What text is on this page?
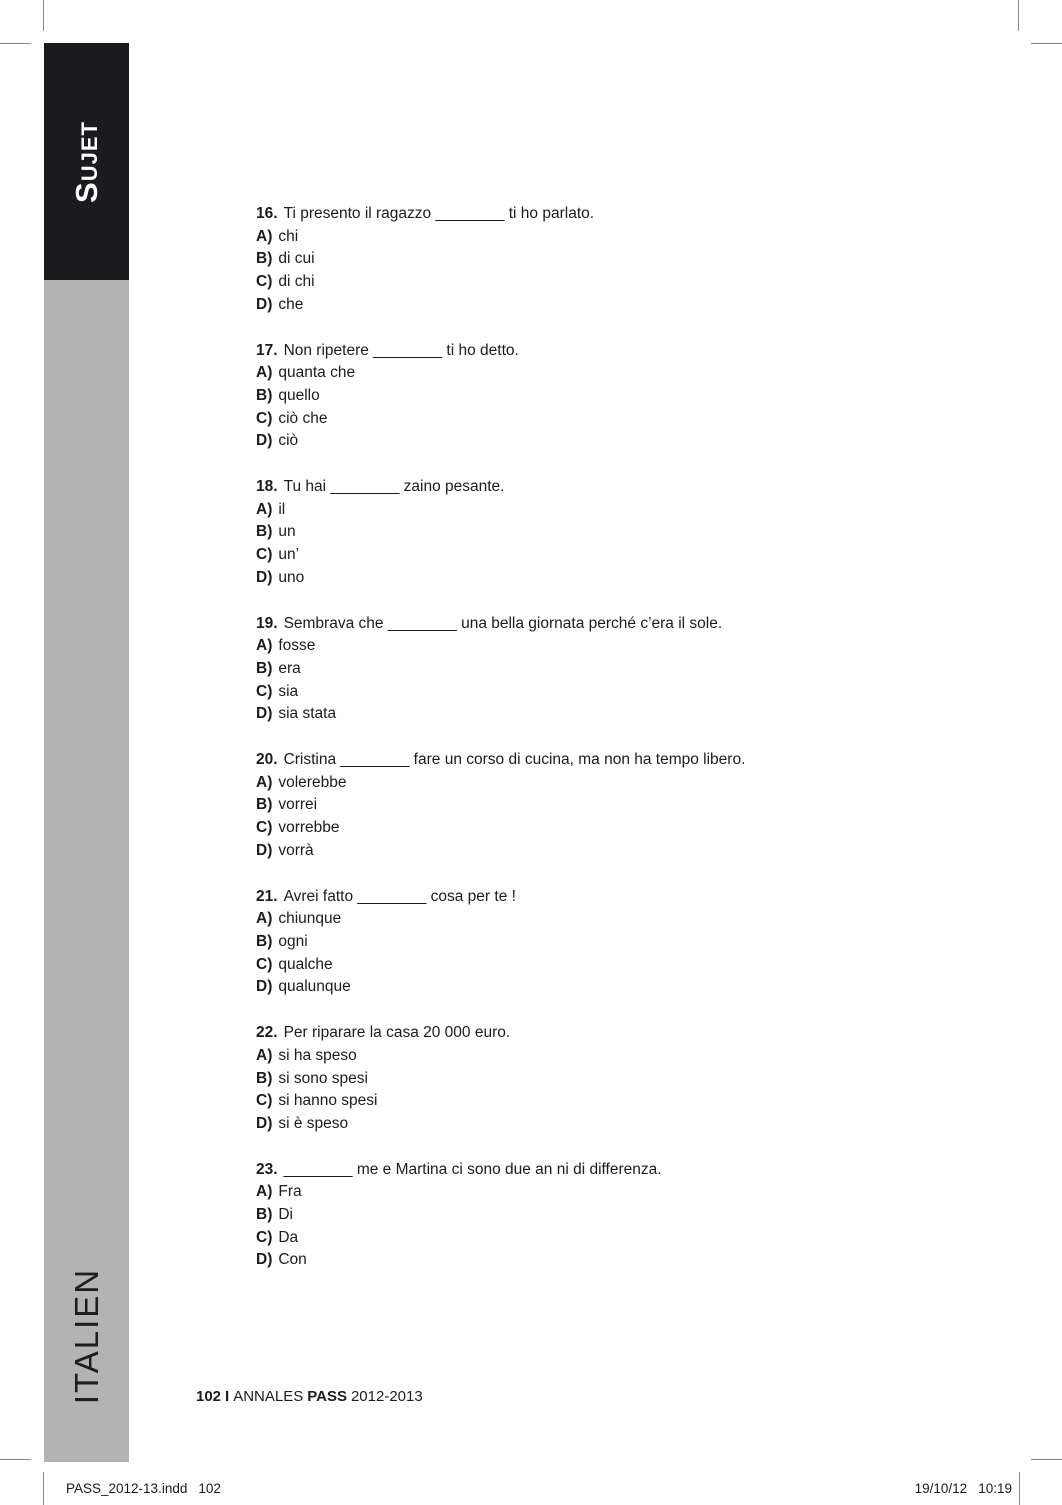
Sujet
ITALIEN
16. Ti presento il ragazzo ________ ti ho parlato.
A) chi
B) di cui
C) di chi
D) che
17. Non ripetere ________ ti ho detto.
A) quanta che
B) quello
C) ciò che
D) ciò
18. Tu hai ________ zaino pesante.
A) il
B) un
C) un’
D) uno
19. Sembrava che ________ una bella giornata perché c’era il sole.
A) fosse
B) era
C) sia
D) sia stata
20. Cristina ________ fare un corso di cucina, ma non ha tempo libero.
A) volerebbe
B) vorrei
C) vorrebbe
D) vorrà
21. Avrei fatto ________ cosa per te !
A) chiunque
B) ogni
C) qualche
D) qualunque
22. Per riparare la casa 20 000 euro.
A) si ha speso
B) si sono spesi
C) si hanno spesi
D) si è speso
23. ________ me e Martina ci sono due an ni di differenza.
A) Fra
B) Di
C) Da
D) Con
102 I ANNALES PASS 2012-2013
PASS_2012-13.indd 102	19/10/12 10:19
